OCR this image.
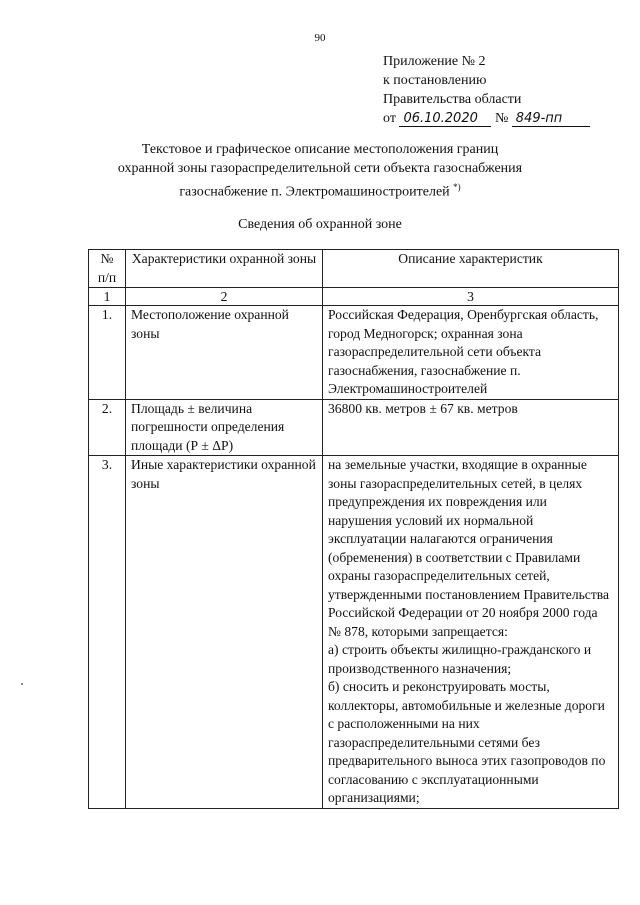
90
Приложение № 2
к постановлению
Правительства области
от 06.10.2020 № 849-пп
Текстовое и графическое описание местоположения границ
охранной зоны газораспределительной сети объекта газоснабжения
газоснабжение п. Электромашиностроителей *)
Сведения об охранной зоне
№ п/п	Характеристики охранной зоны	Описание характеристик
1	2	3
1.	Местоположение охранной зоны	Российская Федерация, Оренбургская область, город Медногорск; охранная зона газораспределительной сети объекта газоснабжения, газоснабжение п. Электромашиностроителей
2.	Площадь ± величина погрешности определения площади (Р ± ΔР)	36800 кв. метров ± 67 кв. метров
3.	Иные характеристики охранной зоны	на земельные участки, входящие в охранные зоны газораспределительных сетей, в целях предупреждения их повреждения или нарушения условий их нормальной эксплуатации налагаются ограничения (обременения) в соответствии с Правилами охраны газораспределительных сетей, утвержденными постановлением Правительства Российской Федерации от 20 ноября 2000 года № 878, которыми запрещается:
а) строить объекты жилищно-гражданского и производственного назначения;
б) сносить и реконструировать мосты, коллекторы, автомобильные и железные дороги с расположенными на них газораспределительными сетями без предварительного выноса этих газопроводов по согласованию с эксплуатационными организациями;
